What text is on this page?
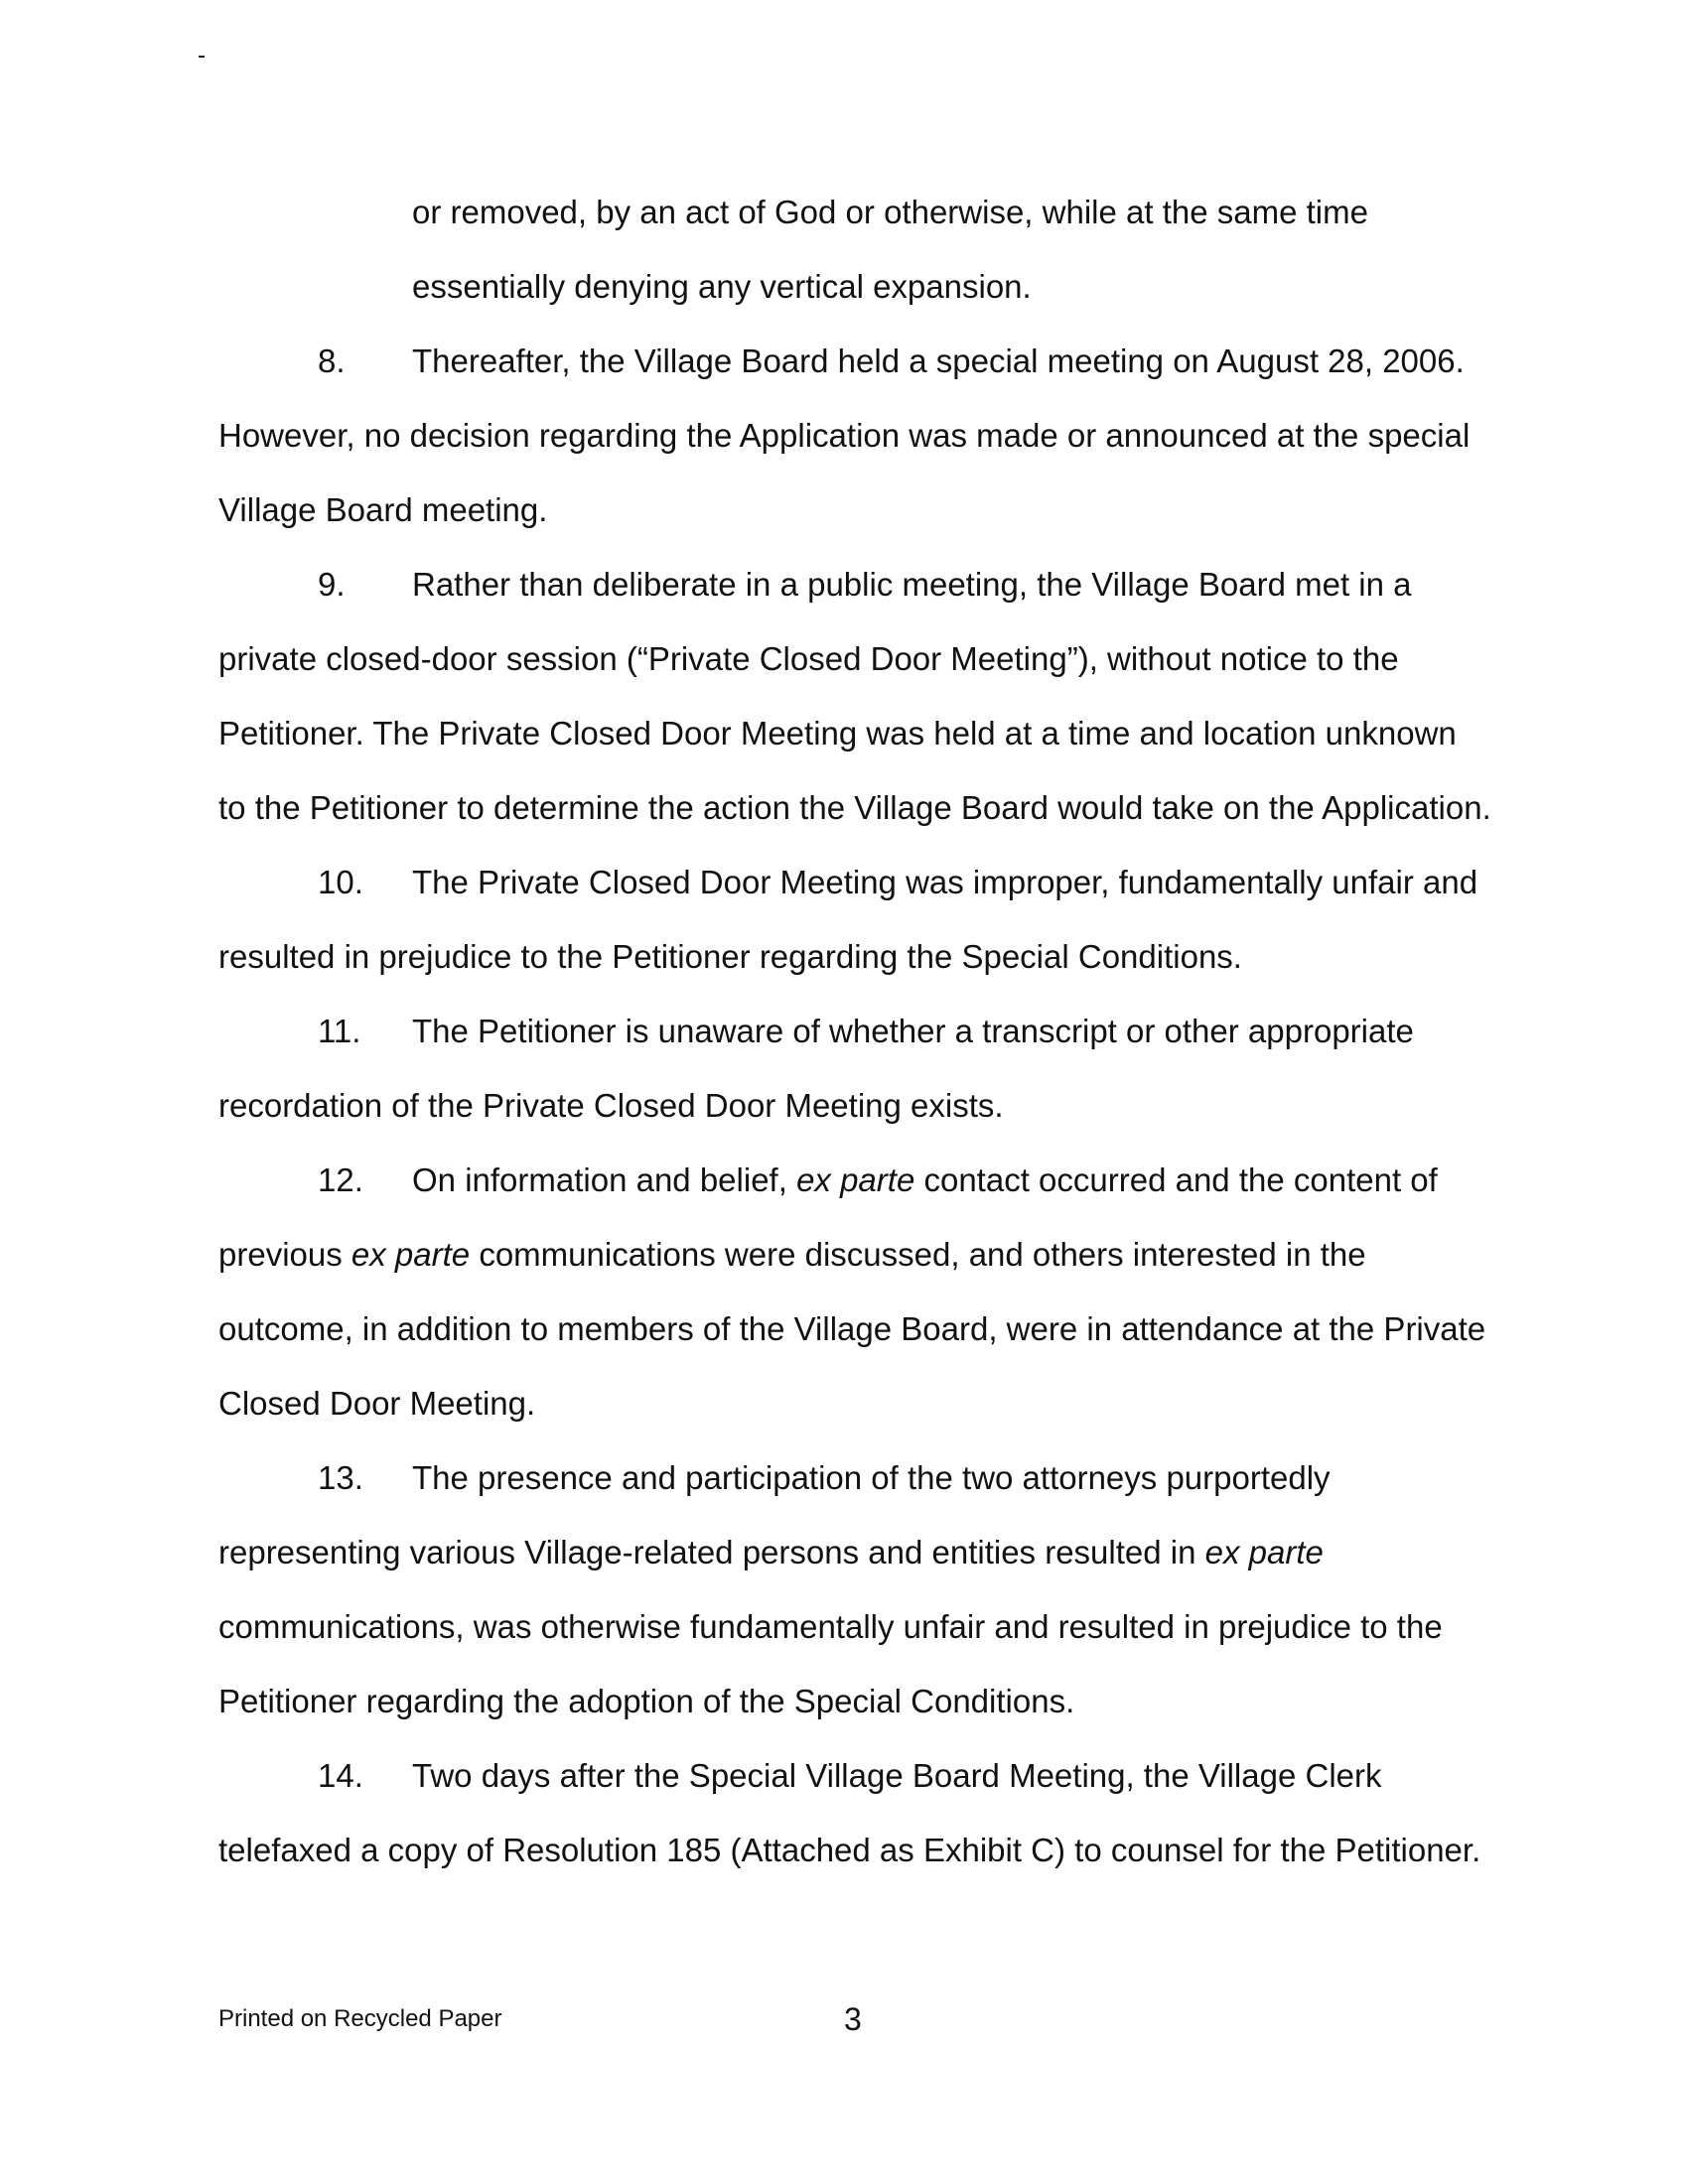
or removed, by an act of God or otherwise, while at the same time
essentially denying any vertical expansion.

8. Thereafter, the Village Board held a special meeting on August 28, 2006.
However, no decision regarding the Application was made or announced at the special
Village Board meeting.

9. Rather than deliberate in a public meeting, the Village Board met in a
private closed-door session (“Private Closed Door Meeting”), without notice to the
Petitioner. The Private Closed Door Meeting was held at a time and location unknown
to the Petitioner to determine the action the Village Board would take on the Application.

10. The Private Closed Door Meeting was improper, fundamentally unfair and
resulted in prejudice to the Petitioner regarding the Special Conditions.

11. The Petitioner is unaware of whether a transcript or other appropriate
recordation of the Private Closed Door Meeting exists.

12. On information and belief, ex parte contact occurred and the content of
previous ex parte communications were discussed, and others interested in the
outcome, in addition to members of the Village Board, were in attendance at the Private
Closed Door Meeting.

13. The presence and participation of the two attorneys purportedly
representing various Village-related persons and entities resulted in ex parte
communications, was otherwise fundamentally unfair and resulted in prejudice to the
Petitioner regarding the adoption of the Special Conditions.

14. Two days after the Special Village Board Meeting, the Village Clerk
telefaxed a copy of Resolution 185 (Attached as Exhibit C) to counsel for the Petitioner.

Printed on Recycled Paper	3
